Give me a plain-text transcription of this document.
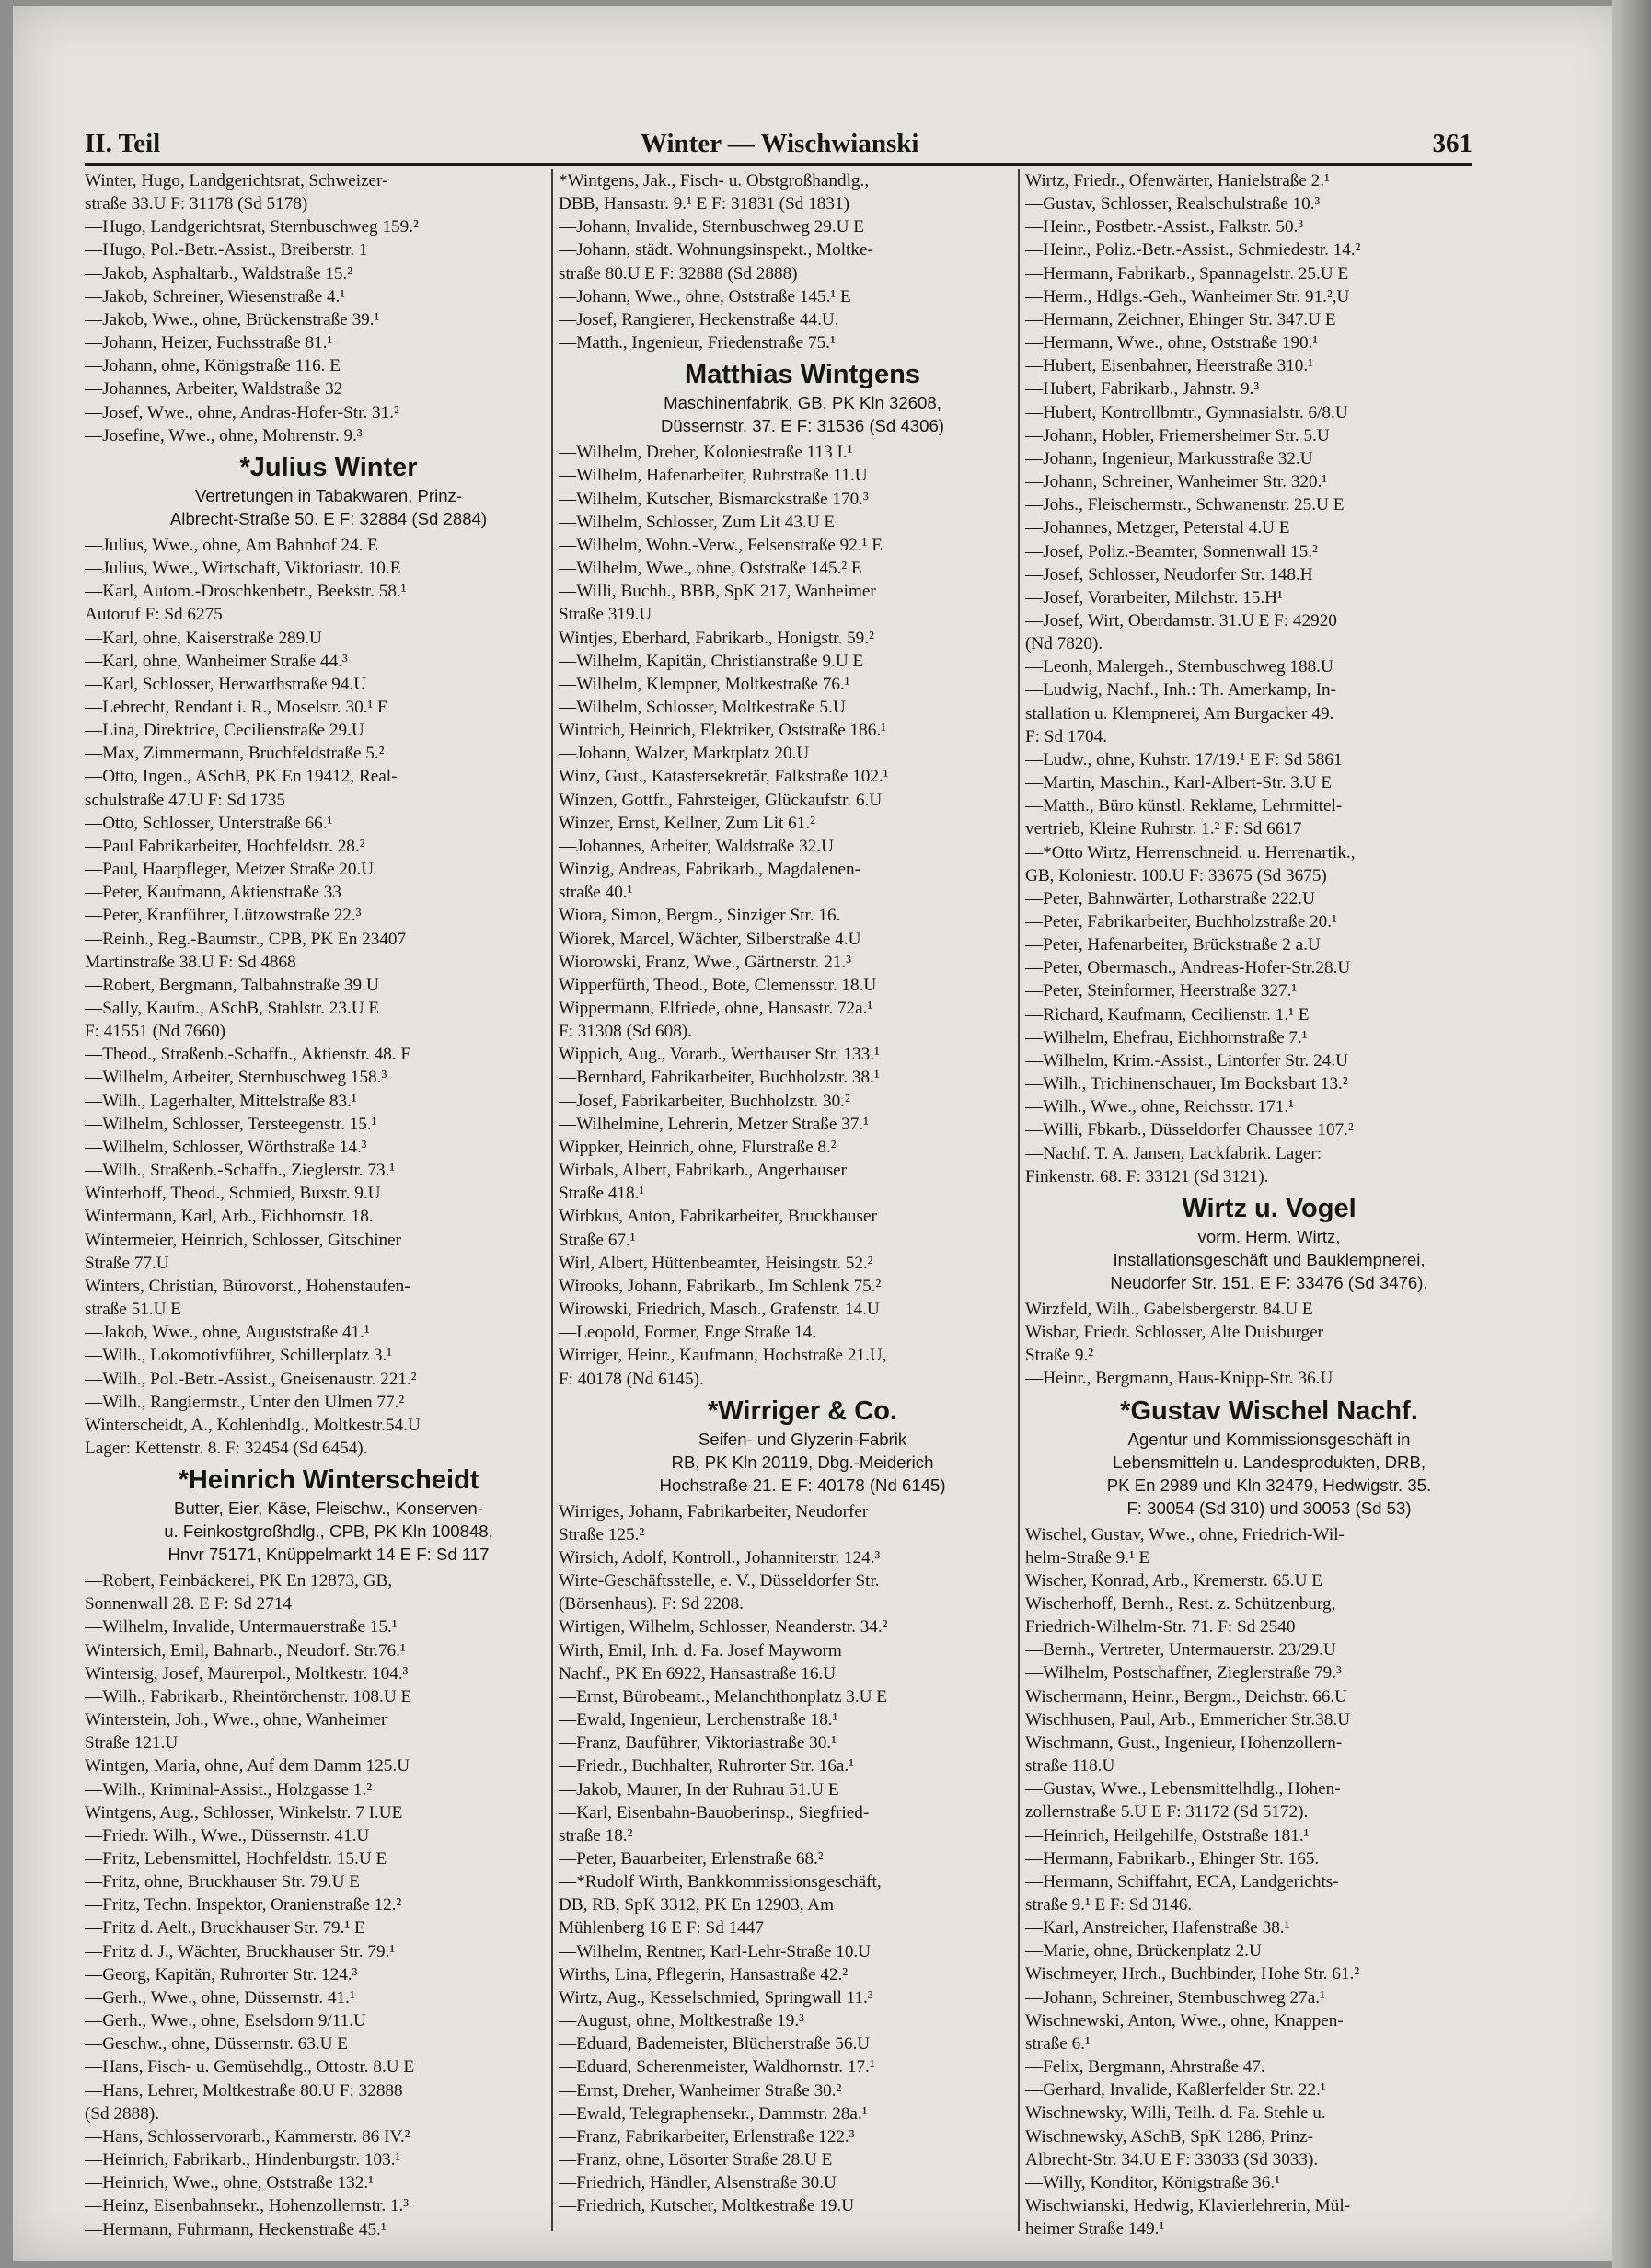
II. Teil	Winter — Wischwianski	361
Winter, Hugo, Landgerichtsrat, Schweizer-
straße 33.U F: 31178 (Sd 5178)
—Hugo, Landgerichtsrat, Sternbuschweg 159.²
—Hugo, Pol.-Betr.-Assist., Breiberstr. 1
—Jakob, Asphaltarb., Waldstraße 15.²
—Jakob, Schreiner, Wiesenstraße 4.¹
—Jakob, Wwe., ohne, Brückenstraße 39.¹
—Johann, Heizer, Fuchsstraße 81.¹
—Johann, ohne, Königstraße 116. E
—Johannes, Arbeiter, Waldstraße 32
—Josef, Wwe., ohne, Andras-Hofer-Str. 31.²
—Josefine, Wwe., ohne, Mohrenstr. 9.³
*Julius Winter
Vertretungen in Tabakwaren, Prinz-
Albrecht-Straße 50. E F: 32884 (Sd 2884)
—Julius, Wwe., ohne, Am Bahnhof 24. E
—Julius, Wwe., Wirtschaft, Viktoriastr. 10.E
—Karl, Autom.-Droschkenbetr., Beekstr. 58.¹
Autoruf F: Sd 6275
—Karl, ohne, Kaiserstraße 289.U
—Karl, ohne, Wanheimer Straße 44.³
—Karl, Schlosser, Herwarthstraße 94.U
—Lebrecht, Rendant i. R., Moselstr. 30.¹ E
—Lina, Direktrice, Cecilienstraße 29.U
—Max, Zimmermann, Bruchfeldstraße 5.²
—Otto, Ingen., ASchB, PK En 19412, Real-
schulstraße 47.U F: Sd 1735
—Otto, Schlosser, Unterstraße 66.¹
—Paul Fabrikarbeiter, Hochfeldstr. 28.²
—Paul, Haarpfleger, Metzer Straße 20.U
—Peter, Kaufmann, Aktienstraße 33
—Peter, Kranführer, Lützowstraße 22.³
—Reinh., Reg.-Baumstr., CPB, PK En 23407
Martinstraße 38.U F: Sd 4868
—Robert, Bergmann, Talbahnstraße 39.U
—Sally, Kaufm., ASchB, Stahlstr. 23.U E
F: 41551 (Nd 7660)
—Theod., Straßenb.-Schaffn., Aktienstr. 48. E
—Wilhelm, Arbeiter, Sternbuschweg 158.³
—Wilh., Lagerhalter, Mittelstraße 83.¹
—Wilhelm, Schlosser, Tersteegenstr. 15.¹
—Wilhelm, Schlosser, Wörthstraße 14.³
—Wilh., Straßenb.-Schaffn., Zieglerstr. 73.¹
Winterhoff, Theod., Schmied, Buxstr. 9.U
Wintermann, Karl, Arb., Eichhornstr. 18.
Wintermeier, Heinrich, Schlosser, Gitschiner
Straße 77.U
Winters, Christian, Bürovorst., Hohenstaufen-
straße 51.U E
—Jakob, Wwe., ohne, Auguststraße 41.¹
—Wilh., Lokomotivführer, Schillerplatz 3.¹
—Wilh., Pol.-Betr.-Assist., Gneisenaustr. 221.²
—Wilh., Rangiermstr., Unter den Ulmen 77.²
Winterscheidt, A., Kohlenhdlg., Moltkestr.54.U
Lager: Kettenstr. 8. F: 32454 (Sd 6454).
*Heinrich Winterscheidt
Butter, Eier, Käse, Fleischw., Konserven-
u. Feinkostgroßhdlg., CPB, PK Kln 100848,
Hnvr 75171, Knüppelmarkt 14 E F: Sd 117
—Robert, Feinbäckerei, PK En 12873, GB,
Sonnenwall 28. E F: Sd 2714
—Wilhelm, Invalide, Untermauerstraße 15.¹
Wintersich, Emil, Bahnarb., Neudorf. Str.76.¹
Wintersig, Josef, Maurerpol., Moltkestr. 104.³
—Wilh., Fabrikarb., Rheintörchenstr. 108.U E
Winterstein, Joh., Wwe., ohne, Wanheimer
Straße 121.U
Wintgen, Maria, ohne, Auf dem Damm 125.U
—Wilh., Kriminal-Assist., Holzgasse 1.²
Wintgens, Aug., Schlosser, Winkelstr. 7 I.UE
—Friedr. Wilh., Wwe., Düssernstr. 41.U
—Fritz, Lebensmittel, Hochfeldstr. 15.U E
—Fritz, ohne, Bruckhauser Str. 79.U E
—Fritz, Techn. Inspektor, Oranienstraße 12.²
—Fritz d. Aelt., Bruckhauser Str. 79.¹ E
—Fritz d. J., Wächter, Bruckhauser Str. 79.¹
—Georg, Kapitän, Ruhrorter Str. 124.³
—Gerh., Wwe., ohne, Düssernstr. 41.¹
—Gerh., Wwe., ohne, Eselsdorn 9/11.U
—Geschw., ohne, Düssernstr. 63.U E
—Hans, Fisch- u. Gemüsehdlg., Ottostr. 8.U E
—Hans, Lehrer, Moltkestraße 80.U F: 32888
(Sd 2888).
—Hans, Schlosservorarb., Kammerstr. 86 IV.²
—Heinrich, Fabrikarb., Hindenburgstr. 103.¹
—Heinrich, Wwe., ohne, Oststraße 132.¹
—Heinz, Eisenbahnsekr., Hohenzollernstr. 1.³
—Hermann, Fuhrmann, Heckenstraße 45.¹
*Wintgens, Jak., Fisch- u. Obstgroßhandlg.,
DBB, Hansastr. 9.¹ E F: 31831 (Sd 1831)
—Johann, Invalide, Sternbuschweg 29.U E
—Johann, städt. Wohnungsinspekt., Moltke-
straße 80.U E F: 32888 (Sd 2888)
—Johann, Wwe., ohne, Oststraße 145.¹ E
—Josef, Rangierer, Heckenstraße 44.U.
—Matth., Ingenieur, Friedenstraße 75.¹
Matthias Wintgens
Maschinenfabrik, GB, PK Kln 32608,
Düssernstr. 37. E F: 31536 (Sd 4306)
—Wilhelm, Dreher, Koloniestraße 113 I.¹
—Wilhelm, Hafenarbeiter, Ruhrstraße 11.U
—Wilhelm, Kutscher, Bismarckstraße 170.³
—Wilhelm, Schlosser, Zum Lit 43.U E
—Wilhelm, Wohn.-Verw., Felsenstraße 92.¹ E
—Wilhelm, Wwe., ohne, Oststraße 145.² E
—Willi, Buchh., BBB, SpK 217, Wanheimer
Straße 319.U
Wintjes, Eberhard, Fabrikarb., Honigstr. 59.²
—Wilhelm, Kapitän, Christianstraße 9.U E
—Wilhelm, Klempner, Moltkestraße 76.¹
—Wilhelm, Schlosser, Moltkestraße 5.U
Wintrich, Heinrich, Elektriker, Oststraße 186.¹
—Johann, Walzer, Marktplatz 20.U
Winz, Gust., Katastersekretär, Falkstraße 102.¹
Winzen, Gottfr., Fahrsteiger, Glückaufstr. 6.U
Winzer, Ernst, Kellner, Zum Lit 61.²
—Johannes, Arbeiter, Waldstraße 32.U
Winzig, Andreas, Fabrikarb., Magdalenen-
straße 40.¹
Wiora, Simon, Bergm., Sinziger Str. 16.
Wiorek, Marcel, Wächter, Silberstraße 4.U
Wiorowski, Franz, Wwe., Gärtnerstr. 21.³
Wipperfürth, Theod., Bote, Clemensstr. 18.U
Wippermann, Elfriede, ohne, Hansastr. 72a.¹
F: 31308 (Sd 608).
Wippich, Aug., Vorarb., Werthauser Str. 133.¹
—Bernhard, Fabrikarbeiter, Buchholzstr. 38.¹
—Josef, Fabrikarbeiter, Buchholzstr. 30.²
—Wilhelmine, Lehrerin, Metzer Straße 37.¹
Wippker, Heinrich, ohne, Flurstraße 8.²
Wirbals, Albert, Fabrikarb., Angerhauser
Straße 418.¹
Wirbkus, Anton, Fabrikarbeiter, Bruckhauser
Straße 67.¹
Wirl, Albert, Hüttenbeamter, Heisingstr. 52.²
Wirooks, Johann, Fabrikarb., Im Schlenk 75.²
Wirowski, Friedrich, Masch., Grafenstr. 14.U
—Leopold, Former, Enge Straße 14.
Wirriger, Heinr., Kaufmann, Hochstraße 21.U,
F: 40178 (Nd 6145).
*Wirriger & Co.
Seifen- und Glyzerin-Fabrik
RB, PK Kln 20119, Dbg.-Meiderich
Hochstraße 21. E F: 40178 (Nd 6145)
Wirriges, Johann, Fabrikarbeiter, Neudorfer
Straße 125.²
Wirsich, Adolf, Kontroll., Johanniterstr. 124.³
Wirte-Geschäftsstelle, e. V., Düsseldorfer Str.
(Börsenhaus). F: Sd 2208.
Wirtigen, Wilhelm, Schlosser, Neanderstr. 34.²
Wirth, Emil, Inh. d. Fa. Josef Mayworm
Nachf., PK En 6922, Hansastraße 16.U
—Ernst, Bürobeamt., Melanchthonplatz 3.U E
—Ewald, Ingenieur, Lerchenstraße 18.¹
—Franz, Bauführer, Viktoriastraße 30.¹
—Friedr., Buchhalter, Ruhrorter Str. 16a.¹
—Jakob, Maurer, In der Ruhrau 51.U E
—Karl, Eisenbahn-Bauoberinsp., Siegfried-
straße 18.²
—Peter, Bauarbeiter, Erlenstraße 68.²
—*Rudolf Wirth, Bankkommissionsgeschäft,
DB, RB, SpK 3312, PK En 12903, Am
Mühlenberg 16 E F: Sd 1447
—Wilhelm, Rentner, Karl-Lehr-Straße 10.U
Wirths, Lina, Pflegerin, Hansastraße 42.²
Wirtz, Aug., Kesselschmied, Springwall 11.³
—August, ohne, Moltkestraße 19.³
—Eduard, Bademeister, Blücherstraße 56.U
—Eduard, Scherenmeister, Waldhornstr. 17.¹
—Ernst, Dreher, Wanheimer Straße 30.²
—Ewald, Telegraphensekr., Dammstr. 28a.¹
—Franz, Fabrikarbeiter, Erlenstraße 122.³
—Franz, ohne, Lösorter Straße 28.U E
—Friedrich, Händler, Alsenstraße 30.U
—Friedrich, Kutscher, Moltkestraße 19.U
Wirtz, Friedr., Ofenwärter, Hanielstraße 2.¹
—Gustav, Schlosser, Realschulstraße 10.³
—Heinr., Postbetr.-Assist., Falkstr. 50.³
—Heinr., Poliz.-Betr.-Assist., Schmiedestr. 14.²
—Hermann, Fabrikarb., Spannagelstr. 25.U E
—Herm., Hdlgs.-Geh., Wanheimer Str. 91.²,U
—Hermann, Zeichner, Ehinger Str. 347.U E
—Hermann, Wwe., ohne, Oststraße 190.¹
—Hubert, Eisenbahner, Heerstraße 310.¹
—Hubert, Fabrikarb., Jahnstr. 9.³
—Hubert, Kontrollbmtr., Gymnasialstr. 6/8.U
—Johann, Hobler, Friemersheimer Str. 5.U
—Johann, Ingenieur, Markusstraße 32.U
—Johann, Schreiner, Wanheimer Str. 320.¹
—Johs., Fleischermstr., Schwanenstr. 25.U E
—Johannes, Metzger, Peterstal 4.U E
—Josef, Poliz.-Beamter, Sonnenwall 15.²
—Josef, Schlosser, Neudorfer Str. 148.H
—Josef, Vorarbeiter, Milchstr. 15.H¹
—Josef, Wirt, Oberdamstr. 31.U E F: 42920
(Nd 7820).
—Leonh, Malergeh., Sternbuschweg 188.U
—Ludwig, Nachf., Inh.: Th. Amerkamp, In-
stallation u. Klempnerei, Am Burgacker 49.
F: Sd 1704.
—Ludw., ohne, Kuhstr. 17/19.¹ E F: Sd 5861
—Martin, Maschin., Karl-Albert-Str. 3.U E
—Matth., Büro künstl. Reklame, Lehrmittel-
vertrieb, Kleine Ruhrstr. 1.² F: Sd 6617
—*Otto Wirtz, Herrenschneid. u. Herrenartik.,
GB, Koloniestr. 100.U F: 33675 (Sd 3675)
—Peter, Bahnwärter, Lotharstraße 222.U
—Peter, Fabrikarbeiter, Buchholzstraße 20.¹
—Peter, Hafenarbeiter, Brückstraße 2 a.U
—Peter, Obermasch., Andreas-Hofer-Str.28.U
—Peter, Steinformer, Heerstraße 327.¹
—Richard, Kaufmann, Cecilienstr. 1.¹ E
—Wilhelm, Ehefrau, Eichhornstraße 7.¹
—Wilhelm, Krim.-Assist., Lintorfer Str. 24.U
—Wilh., Trichinenschauer, Im Bocksbart 13.²
—Wilh., Wwe., ohne, Reichsstr. 171.¹
—Willi, Fbkarb., Düsseldorfer Chaussee 107.²
—Nachf. T. A. Jansen, Lackfabrik. Lager:
Finkenstr. 68. F: 33121 (Sd 3121).
Wirtz u. Vogel
vorm. Herm. Wirtz,
Installationsgeschäft und Bauklempnerei,
Neudorfer Str. 151. E F: 33476 (Sd 3476).
Wirzfeld, Wilh., Gabelsbergerstr. 84.U E
Wisbar, Friedr. Schlosser, Alte Duisburger
Straße 9.²
—Heinr., Bergmann, Haus-Knipp-Str. 36.U
*Gustav Wischel Nachf.
Agentur und Kommissionsgeschäft in
Lebensmitteln u. Landesprodukten, DRB,
PK En 2989 und Kln 32479, Hedwigstr. 35.
F: 30054 (Sd 310) und 30053 (Sd 53)
Wischel, Gustav, Wwe., ohne, Friedrich-Wil-
helm-Straße 9.¹ E
Wischer, Konrad, Arb., Kremerstr. 65.U E
Wischerhoff, Bernh., Rest. z. Schützenburg,
Friedrich-Wilhelm-Str. 71. F: Sd 2540
—Bernh., Vertreter, Untermauerstr. 23/29.U
—Wilhelm, Postschaffner, Zieglerstraße 79.³
Wischermann, Heinr., Bergm., Deichstr. 66.U
Wischhusen, Paul, Arb., Emmericher Str.38.U
Wischmann, Gust., Ingenieur, Hohenzollern-
straße 118.U
—Gustav, Wwe., Lebensmittelhdlg., Hohen-
zollernstraße 5.U E F: 31172 (Sd 5172).
—Heinrich, Heilgehilfe, Oststraße 181.¹
—Hermann, Fabrikarb., Ehinger Str. 165.
—Hermann, Schiffahrt, ECA, Landgerichts-
straße 9.¹ E F: Sd 3146.
—Karl, Anstreicher, Hafenstraße 38.¹
—Marie, ohne, Brückenplatz 2.U
Wischmeyer, Hrch., Buchbinder, Hohe Str. 61.²
—Johann, Schreiner, Sternbuschweg 27a.¹
Wischnewski, Anton, Wwe., ohne, Knappen-
straße 6.¹
—Felix, Bergmann, Ahrstraße 47.
—Gerhard, Invalide, Kaßlerfelder Str. 22.¹
Wischnewsky, Willi, Teilh. d. Fa. Stehle u.
Wischnewsky, ASchB, SpK 1286, Prinz-
Albrecht-Str. 34.U E F: 33033 (Sd 3033).
—Willy, Konditor, Königstraße 36.¹
Wischwianski, Hedwig, Klavierlehrerin, Mül-
heimer Straße 149.¹
